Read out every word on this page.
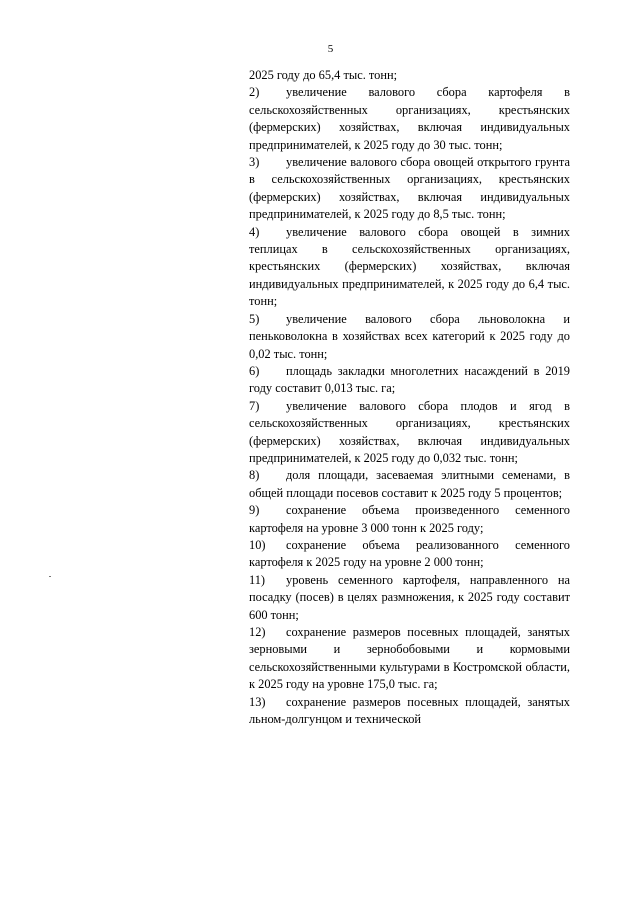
5

2025 году до 65,4 тыс. тонн;

2) увеличение валового сбора картофеля в сельскохозяйственных организациях, крестьянских (фермерских) хозяйствах, включая индивидуальных предпринимателей, к 2025 году до 30 тыс. тонн;

3) увеличение валового сбора овощей открытого грунта в сельскохозяйственных организациях, крестьянских (фермерских) хозяйствах, включая индивидуальных предпринимателей, к 2025 году до 8,5 тыс. тонн;

4) увеличение валового сбора овощей в зимних теплицах в сельскохозяйственных организациях, крестьянских (фермерских) хозяйствах, включая индивидуальных предпринимателей, к 2025 году до 6,4 тыс. тонн;

5) увеличение валового сбора льноволокна и пеньковолокна в хозяйствах всех категорий к 2025 году до 0,02 тыс. тонн;

6) площадь закладки многолетних насаждений в 2019 году составит 0,013 тыс. га;

7) увеличение валового сбора плодов и ягод в сельскохозяйственных организациях, крестьянских (фермерских) хозяйствах, включая индивидуальных предпринимателей, к 2025 году до 0,032 тыс. тонн;

8) доля площади, засеваемая элитными семенами, в общей площади посевов составит к 2025 году 5 процентов;

9) сохранение объема произведенного семенного картофеля на уровне 3 000 тонн к 2025 году;

10) сохранение объема реализованного семенного картофеля к 2025 году на уровне 2 000 тонн;

11) уровень семенного картофеля, направленного на посадку (посев) в целях размножения, к 2025 году составит 600 тонн;

12) сохранение размеров посевных площадей, занятых зерновыми и зернобобовыми и кормовыми сельскохозяйственными культурами в Костромской области, к 2025 году на уровне 175,0 тыс. га;

13) сохранение размеров посевных площадей, занятых льном-долгунцом и технической
